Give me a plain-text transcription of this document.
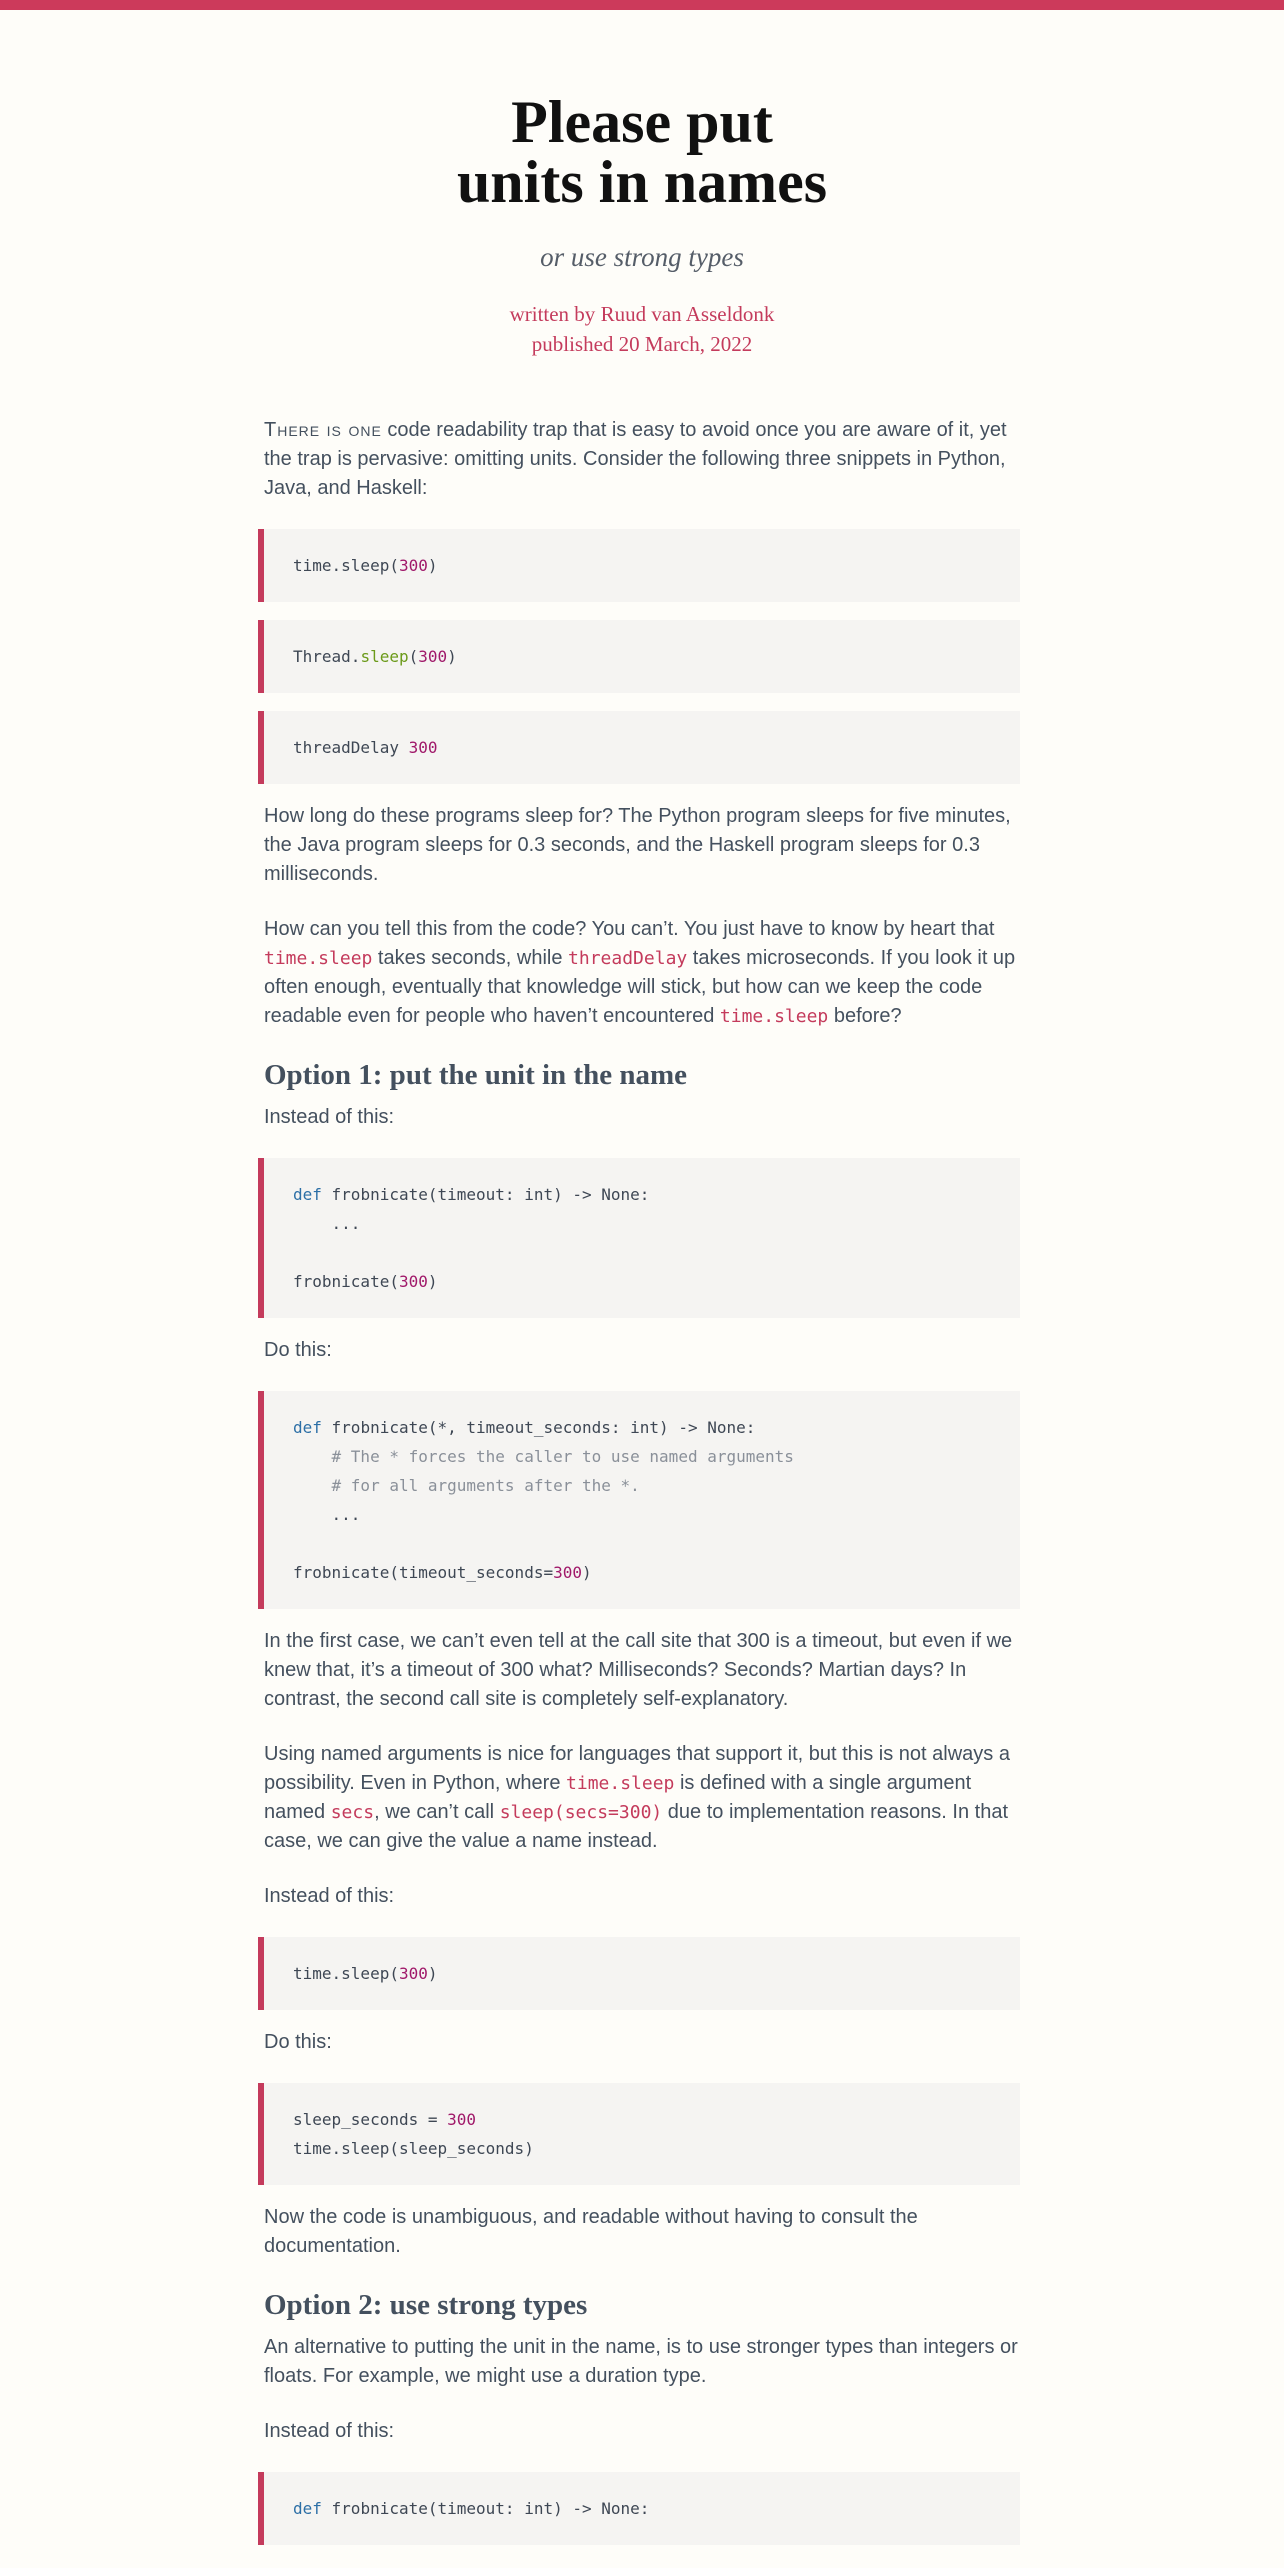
Please put
units in names
or use strong types
written by Ruud van Asseldonk
published 20 March, 2022

There is one code readability trap that is easy to avoid once you are aware of it, yet the trap is pervasive: omitting units. Consider the following three snippets in Python, Java, and Haskell:

time.sleep(300)
Thread.sleep(300)
threadDelay 300

How long do these programs sleep for? The Python program sleeps for five minutes, the Java program sleeps for 0.3 seconds, and the Haskell program sleeps for 0.3 milliseconds.

How can you tell this from the code? You can’t. You just have to know by heart that time.sleep takes seconds, while threadDelay takes microseconds. If you look it up often enough, eventually that knowledge will stick, but how can we keep the code readable even for people who haven’t encountered time.sleep before?

Option 1: put the unit in the name

Instead of this:

def frobnicate(timeout: int) -> None:
...

frobnicate(300)

Do this:

def frobnicate(*, timeout_seconds: int) -> None:
# The * forces the caller to use named arguments
# for all arguments after the *.
...

frobnicate(timeout_seconds=300)

In the first case, we can’t even tell at the call site that 300 is a timeout, but even if we knew that, it’s a timeout of 300 what? Milliseconds? Seconds? Martian days? In contrast, the second call site is completely self-explanatory.

Using named arguments is nice for languages that support it, but this is not always a possibility. Even in Python, where time.sleep is defined with a single argument named secs, we can’t call sleep(secs=300) due to implementation reasons. In that case, we can give the value a name instead.

Instead of this:

time.sleep(300)

Do this:

sleep_seconds = 300
time.sleep(sleep_seconds)

Now the code is unambiguous, and readable without having to consult the documentation.

Option 2: use strong types

An alternative to putting the unit in the name, is to use stronger types than integers or floats. For example, we might use a duration type.

Instead of this:

def frobnicate(timeout: int) -> None:
